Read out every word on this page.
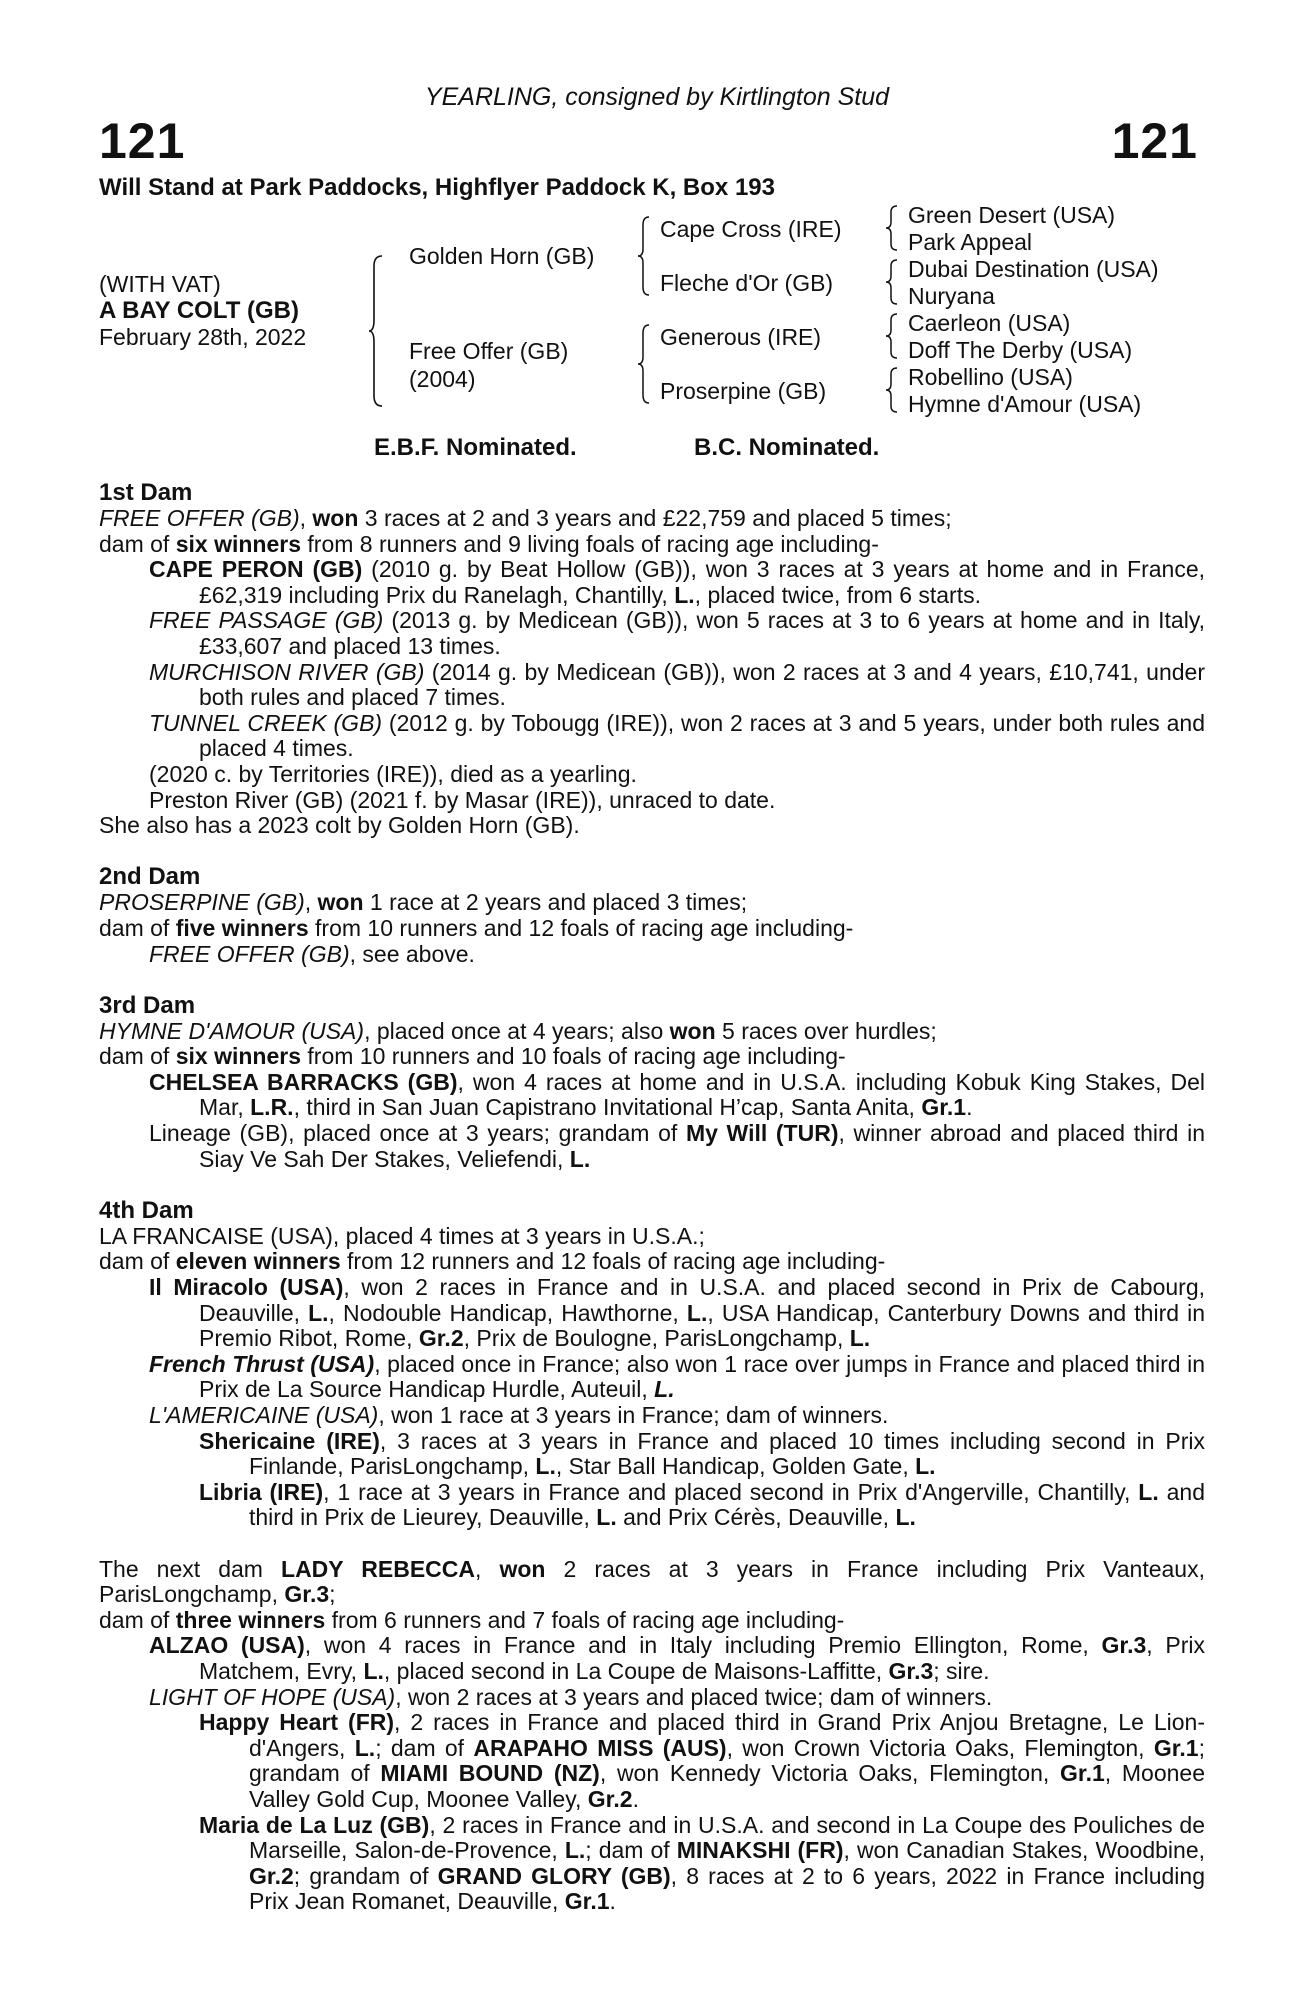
YEARLING, consigned by Kirtlington Stud
121	121
Will Stand at Park Paddocks, Highflyer Paddock K, Box 193
(WITH VAT)
A BAY COLT (GB)
February 28th, 2022
Golden Horn (GB)
Free Offer (GB)
(2004)
Cape Cross (IRE)
Fleche d'Or (GB)
Generous (IRE)
Proserpine (GB)
Green Desert (USA)
Park Appeal
Dubai Destination (USA)
Nuryana
Caerleon (USA)
Doff The Derby (USA)
Robellino (USA)
Hymne d'Amour (USA)
E.B.F. Nominated.	B.C. Nominated.
1st Dam

FREE OFFER (GB), won 3 races at 2 and 3 years and £22,759 and placed 5 times;

dam of six winners from 8 runners and 9 living foals of racing age including-

CAPE PERON (GB) (2010 g. by Beat Hollow (GB)), won 3 races at 3 years at home and in France, £62,319 including Prix du Ranelagh, Chantilly, L., placed twice, from 6 starts.

FREE PASSAGE (GB) (2013 g. by Medicean (GB)), won 5 races at 3 to 6 years at home and in Italy, £33,607 and placed 13 times.

MURCHISON RIVER (GB) (2014 g. by Medicean (GB)), won 2 races at 3 and 4 years, £10,741, under both rules and placed 7 times.

TUNNEL CREEK (GB) (2012 g. by Tobougg (IRE)), won 2 races at 3 and 5 years, under both rules and placed 4 times.

(2020 c. by Territories (IRE)), died as a yearling.

Preston River (GB) (2021 f. by Masar (IRE)), unraced to date.

She also has a 2023 colt by Golden Horn (GB).

2nd Dam

PROSERPINE (GB), won 1 race at 2 years and placed 3 times;

dam of five winners from 10 runners and 12 foals of racing age including-

FREE OFFER (GB), see above.

3rd Dam

HYMNE D'AMOUR (USA), placed once at 4 years; also won 5 races over hurdles;

dam of six winners from 10 runners and 10 foals of racing age including-

CHELSEA BARRACKS (GB), won 4 races at home and in U.S.A. including Kobuk King Stakes, Del Mar, L.R., third in San Juan Capistrano Invitational H’cap, Santa Anita, Gr.1.

Lineage (GB), placed once at 3 years; grandam of My Will (TUR), winner abroad and placed third in Siay Ve Sah Der Stakes, Veliefendi, L.

4th Dam

LA FRANCAISE (USA), placed 4 times at 3 years in U.S.A.;

dam of eleven winners from 12 runners and 12 foals of racing age including-

Il Miracolo (USA), won 2 races in France and in U.S.A. and placed second in Prix de Cabourg, Deauville, L., Nodouble Handicap, Hawthorne, L., USA Handicap, Canterbury Downs and third in Premio Ribot, Rome, Gr.2, Prix de Boulogne, ParisLongchamp, L.

French Thrust (USA), placed once in France; also won 1 race over jumps in France and placed third in Prix de La Source Handicap Hurdle, Auteuil, L.

L'AMERICAINE (USA), won 1 race at 3 years in France; dam of winners.

Shericaine (IRE), 3 races at 3 years in France and placed 10 times including second in Prix Finlande, ParisLongchamp, L., Star Ball Handicap, Golden Gate, L.

Libria (IRE), 1 race at 3 years in France and placed second in Prix d'Angerville, Chantilly, L. and third in Prix de Lieurey, Deauville, L. and Prix Cérès, Deauville, L.

The next dam LADY REBECCA, won 2 races at 3 years in France including Prix Vanteaux, ParisLongchamp, Gr.3;

dam of three winners from 6 runners and 7 foals of racing age including-

ALZAO (USA), won 4 races in France and in Italy including Premio Ellington, Rome, Gr.3, Prix Matchem, Evry, L., placed second in La Coupe de Maisons-Laffitte, Gr.3; sire.

LIGHT OF HOPE (USA), won 2 races at 3 years and placed twice; dam of winners.

Happy Heart (FR), 2 races in France and placed third in Grand Prix Anjou Bretagne, Le Lion-d'Angers, L.; dam of ARAPAHO MISS (AUS), won Crown Victoria Oaks, Flemington, Gr.1; grandam of MIAMI BOUND (NZ), won Kennedy Victoria Oaks, Flemington, Gr.1, Moonee Valley Gold Cup, Moonee Valley, Gr.2.

Maria de La Luz (GB), 2 races in France and in U.S.A. and second in La Coupe des Pouliches de Marseille, Salon-de-Provence, L.; dam of MINAKSHI (FR), won Canadian Stakes, Woodbine, Gr.2; grandam of GRAND GLORY (GB), 8 races at 2 to 6 years, 2022 in France including Prix Jean Romanet, Deauville, Gr.1.
